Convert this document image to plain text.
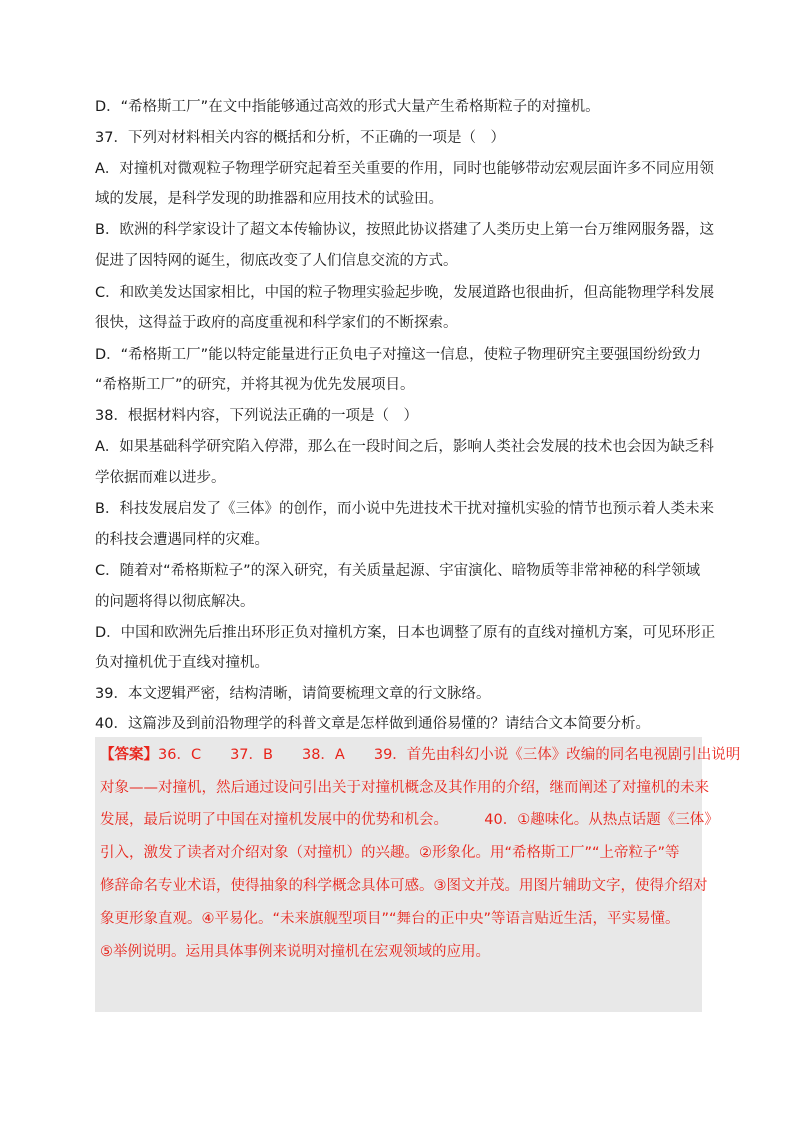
D．“希格斯工厂”在文中指能够通过高效的形式大量产生希格斯粒子的对撞机。
37．下列对材料相关内容的概括和分析，不正确的一项是（　）
A．对撞机对微观粒子物理学研究起着至关重要的作用，同时也能够带动宏观层面许多不同应用领
域的发展，是科学发现的助推器和应用技术的试验田。
B．欧洲的科学家设计了超文本传输协议，按照此协议搭建了人类历史上第一台万维网服务器，这
促进了因特网的诞生，彻底改变了人们信息交流的方式。
C．和欧美发达国家相比，中国的粒子物理实验起步晚，发展道路也很曲折，但高能物理学科发展
很快，这得益于政府的高度重视和科学家们的不断探索。
D．“希格斯工厂”能以特定能量进行正负电子对撞这一信息，使粒子物理研究主要强国纷纷致力
“希格斯工厂”的研究，并将其视为优先发展项目。
38．根据材料内容，下列说法正确的一项是（　）
A．如果基础科学研究陷入停滞，那么在一段时间之后，影响人类社会发展的技术也会因为缺乏科
学依据而难以进步。
B．科技发展启发了《三体》的创作，而小说中先进技术干扰对撞机实验的情节也预示着人类未来
的科技会遭遇同样的灾难。
C．随着对“希格斯粒子”的深入研究，有关质量起源、宇宙演化、暗物质等非常神秘的科学领域
的问题将得以彻底解决。
D．中国和欧洲先后推出环形正负对撞机方案，日本也调整了原有的直线对撞机方案，可见环形正
负对撞机优于直线对撞机。
39．本文逻辑严密，结构清晰，请简要梳理文章的行文脉络。
40．这篇涉及到前沿物理学的科普文章是怎样做到通俗易懂的？请结合文本简要分析。
【答案】36．C　　37．B　　38．A　　39．首先由科幻小说《三体》改编的同名电视剧引出说明
对象——对撞机，然后通过设问引出关于对撞机概念及其作用的介绍，继而阐述了对撞机的未来
发展，最后说明了中国在对撞机发展中的优势和机会。　　　40．①趣味化。从热点话题《三体》
引入，激发了读者对介绍对象（对撞机）的兴趣。②形象化。用“希格斯工厂”“上帝粒子”等
修辞命名专业术语，使得抽象的科学概念具体可感。③图文并茂。用图片辅助文字，使得介绍对
象更形象直观。④平易化。“未来旗舰型项目”“舞台的正中央”等语言贴近生活，平实易懂。
⑤举例说明。运用具体事例来说明对撞机在宏观领域的应用。
